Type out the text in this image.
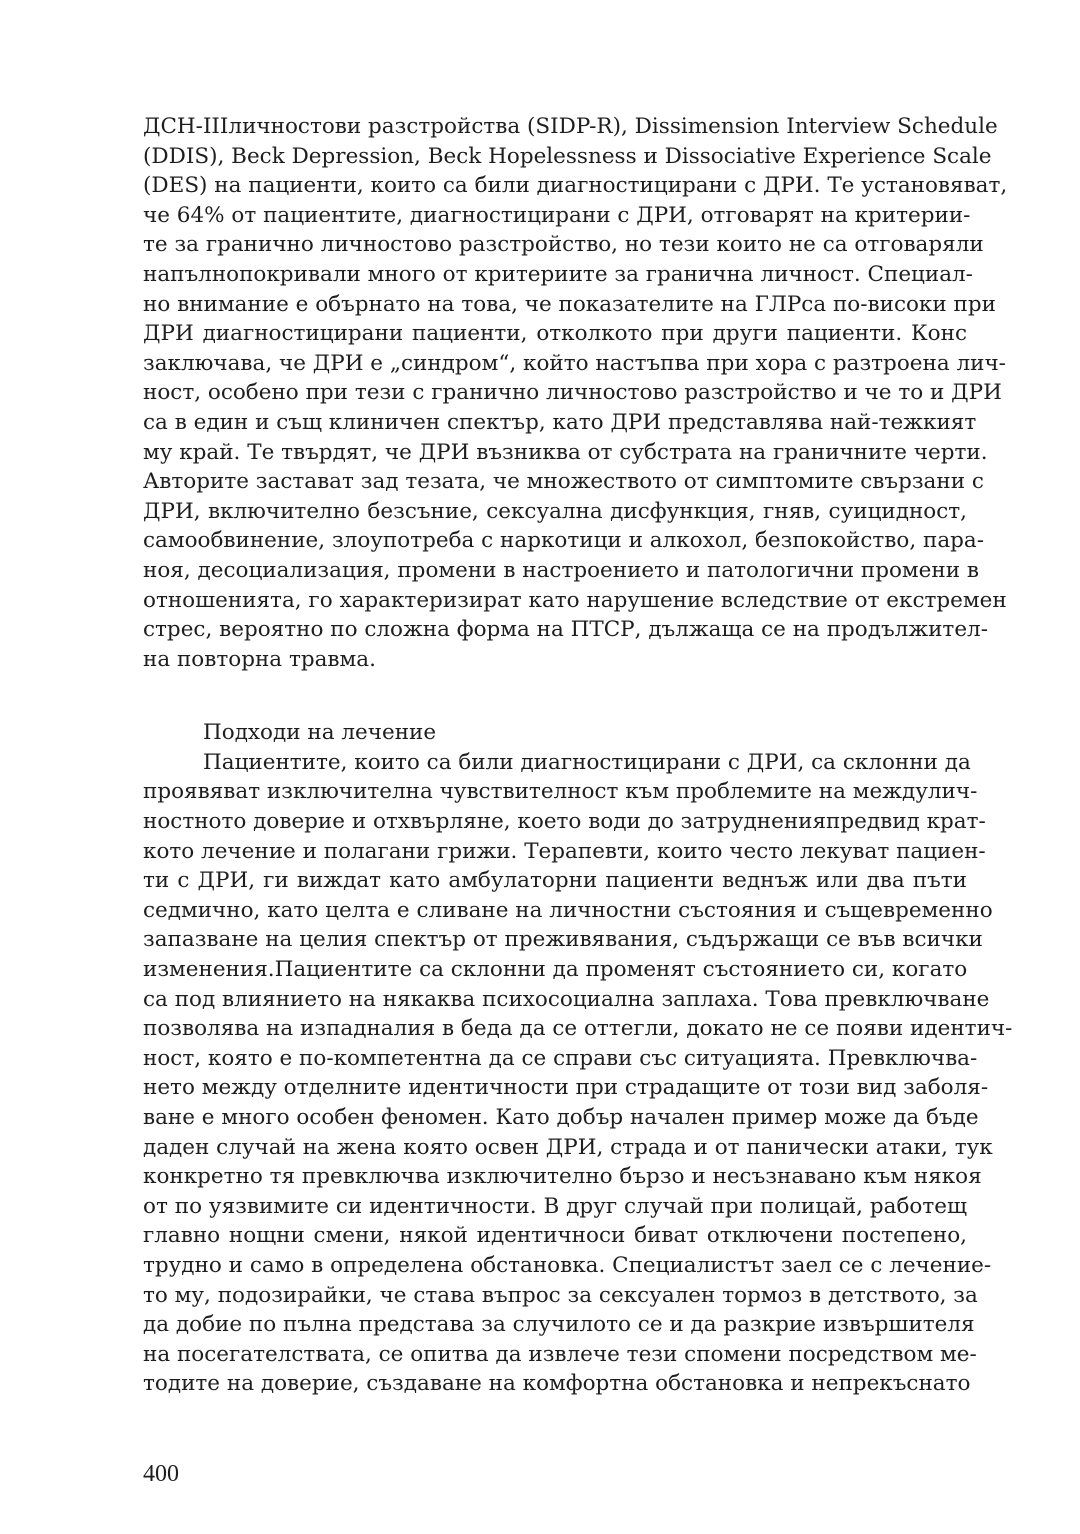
ДСН-IIIличностови разстройства (SIDP-R), Dissimension Interview Schedule
(DDIS), Beck Depression, Beck Hopelessness и Dissociative Experience Scale
(DES) на пациенти, които са били диагностицирани с ДРИ. Те установяват,
че 64% от пациентите, диагностицирани с ДРИ, отговарят на критерии-
те за гранично личностово разстройство, но тези които не са отговаряли
напълнопокривали много от критериите за гранична личност. Специал-
но внимание е обърнато на това, че показателите на ГЛРса по-високи при
ДРИ диагностицирани пациенти, отколкото при други пациенти. Конс
заключава, че ДРИ е „синдром“, който настъпва при хора с разтроена лич-
ност, особено при тези с гранично личностово разстройство и че то и ДРИ
са в един и същ клиничен спектър, като ДРИ представлява най-тежкият
му край. Те твърдят, че ДРИ възниква от субстрата на граничните черти.
Авторите застават зад тезата, че множеството от симптомите свързани с
ДРИ, включително безсъние, сексуална дисфункция, гняв, суицидност,
самообвинение, злоупотреба с наркотици и алкохол, безпокойство, пара-
ноя, десоциализация, промени в настроението и патологични промени в
отношенията, го характеризират като нарушение вследствие от екстремен
стрес, вероятно по сложна форма на ПТСР, дължаща се на продължител-
на повторна травма.
Подходи на лечение
Пациентите, които са били диагностицирани с ДРИ, са склонни да
проявяват изключителна чувствителност към проблемите на междулич-
ностното доверие и отхвърляне, което води до затрудненияпредвид крат-
кото лечение и полагани грижи. Терапевти, които често лекуват пациен-
ти с ДРИ, ги виждат като амбулаторни пациенти веднъж или два пъти
седмично, като целта е сливане на личностни състояния и същевременно
запазване на целия спектър от преживявания, съдържащи се във всички
изменения.Пациентите са склонни да променят състоянието си, когато
са под влиянието на някаква психосоциална заплаха. Това превключване
позволява на изпадналия в беда да се оттегли, докато не се появи идентич-
ност, която е по-компетентна да се справи със ситуацията. Превключва-
нето между отделните идентичности при страдащите от този вид заболя-
ване е много особен феномен. Като добър начален пример може да бъде
даден случай на жена която освен ДРИ, страда и от панически атаки, тук
конкретно тя превключва изключително бързо и несъзнавано към някоя
от по уязвимите си идентичности. В друг случай при полицай, работещ
главно нощни смени, някой идентичноси биват отключени постепено,
трудно и само в определена обстановка. Специалистът заел се с лечение-
то му, подозирайки, че става въпрос за сексуален тормоз в детството, за
да добие по пълна представа за случилото се и да разкрие извършителя
на посегателствата, се опитва да извлече тези спомени посредством ме-
тодите на доверие, създаване на комфортна обстановка и непрекъснато
400
